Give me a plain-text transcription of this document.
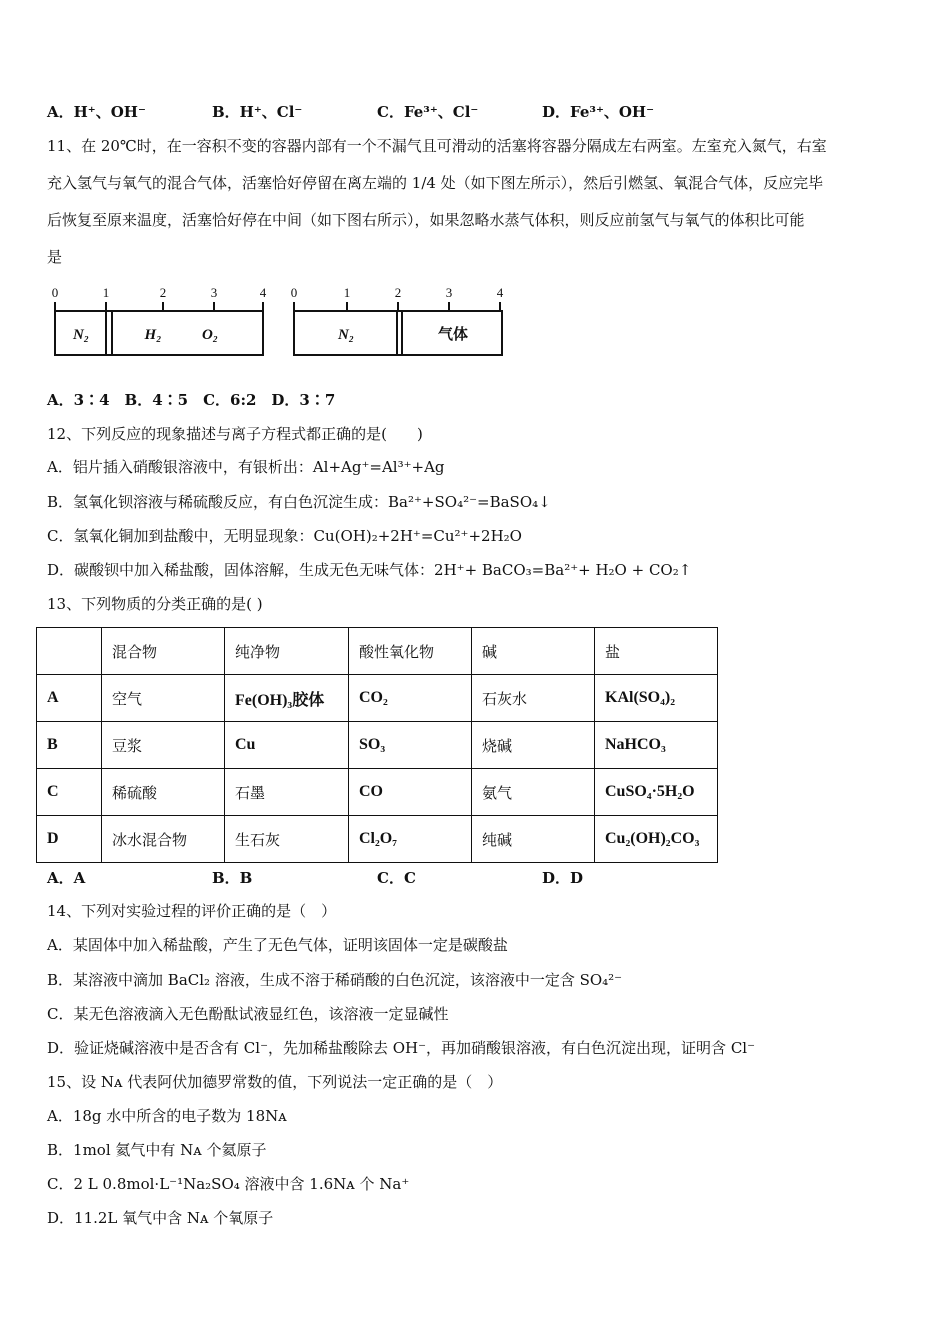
A．H⁺、OH⁻	B．H⁺、Cl⁻	C．Fe³⁺、Cl⁻	D．Fe³⁺、OH⁻
11、在 20℃时，在一容积不变的容器内部有一个不漏气且可滑动的活塞将容器分隔成左右两室。左室充入氮气，右室
充入氢气与氧气的混合气体，活塞恰好停留在离左端的 1/4 处（如下图左所示），然后引燃氢、氧混合气体，反应完毕
后恢复至原来温度，活塞恰好停在中间（如下图右所示），如果忽略水蒸气体积，则反应前氢气与氧气的体积比可能
是
0	1	2	3	4 0	1	2	3	4
N₂	H₂	O₂	N₂	气体
A．3∶4　B．4∶5　C．6:2　D．3∶7
12、下列反应的现象描述与离子方程式都正确的是(　　)
A．铝片插入硝酸银溶液中，有银析出：Al+Ag⁺=Al³⁺+Ag
B．氢氧化钡溶液与稀硫酸反应，有白色沉淀生成：Ba²⁺+SO₄²⁻=BaSO₄↓
C．氢氧化铜加到盐酸中，无明显现象：Cu(OH)₂+2H⁺=Cu²⁺+2H₂O
D．碳酸钡中加入稀盐酸，固体溶解，生成无色无味气体：2H⁺+ BaCO₃=Ba²⁺+ H₂O + CO₂↑
13、下列物质的分类正确的是( )
	混合物	纯净物	酸性氧化物	碱	盐
A	空气	Fe(OH)₃胶体	CO₂	石灰水	KAl(SO₄)₂
B	豆浆	Cu	SO₃	烧碱	NaHCO₃
C	稀硫酸	石墨	CO	氨气	CuSO₄·5H₂O
D	冰水混合物	生石灰	Cl₂O₇	纯碱	Cu₂(OH)₂CO₃
A．A	B．B	C．C	D．D
14、下列对实验过程的评价正确的是（　）
A．某固体中加入稀盐酸，产生了无色气体，证明该固体一定是碳酸盐
B．某溶液中滴加 BaCl₂ 溶液，生成不溶于稀硝酸的白色沉淀，该溶液中一定含 SO₄²⁻
C．某无色溶液滴入无色酚酞试液显红色，该溶液一定显碱性
D．验证烧碱溶液中是否含有 Cl⁻，先加稀盐酸除去 OH⁻，再加硝酸银溶液，有白色沉淀出现，证明含 Cl⁻
15、设 Nᴀ 代表阿伏加德罗常数的值，下列说法一定正确的是（　）
A．18g 水中所含的电子数为 18Nᴀ
B．1mol 氦气中有 Nᴀ 个氦原子
C．2 L 0.8mol·L⁻¹Na₂SO₄ 溶液中含 1.6Nᴀ 个 Na⁺
D．11.2L 氧气中含 Nᴀ 个氧原子
